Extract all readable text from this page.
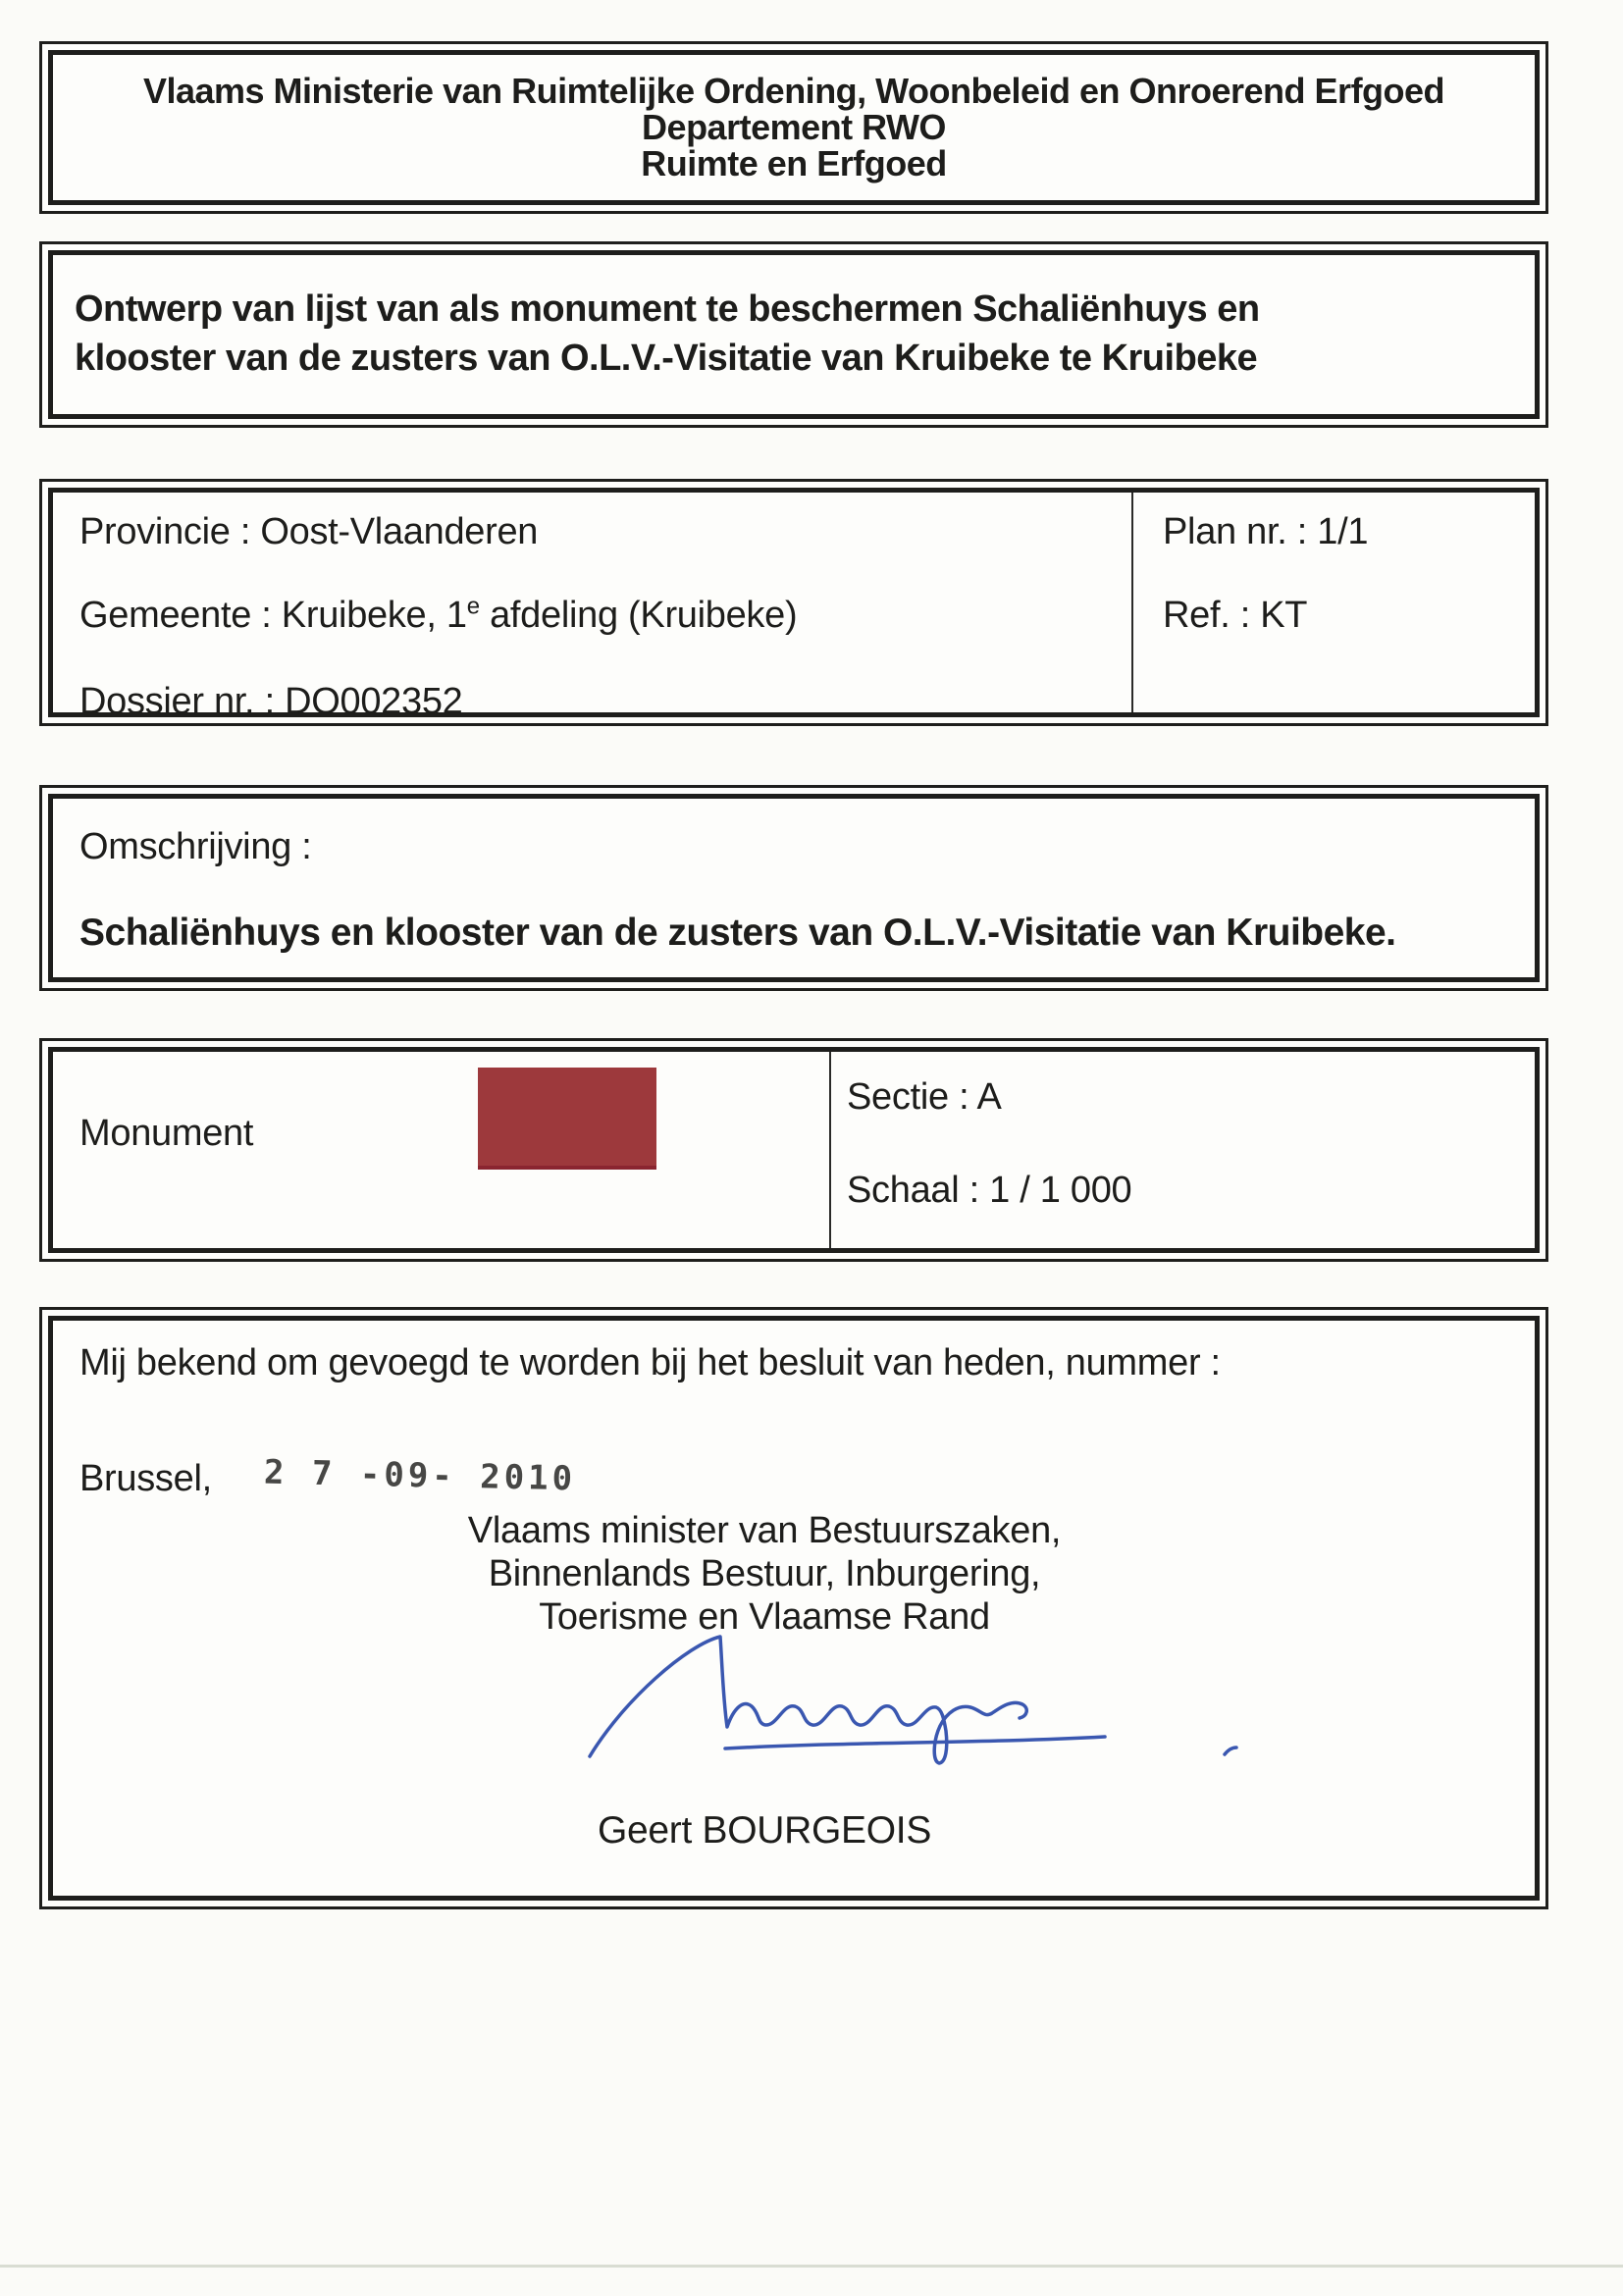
Vlaams Ministerie van Ruimtelijke Ordening, Woonbeleid en Onroerend Erfgoed
Departement RWO
Ruimte en Erfgoed
Ontwerp van lijst van als monument te beschermen Schaliënhuys en
klooster van de zusters van O.L.V.-Visitatie van Kruibeke te Kruibeke
Provincie : Oost-Vlaanderen
Gemeente : Kruibeke, 1e afdeling (Kruibeke)
Dossier nr. : DO002352
Plan nr. : 1/1
Ref. : KT
Omschrijving :
Schaliënhuys en klooster van de zusters van O.L.V.-Visitatie van Kruibeke.
Monument
Sectie : A
Schaal : 1 / 1 000
Mij bekend om gevoegd te worden bij het besluit van heden, nummer :
Brussel, 2 7 -09- 2010
Vlaams minister van Bestuurszaken,
Binnenlands Bestuur, Inburgering,
Toerisme en Vlaamse Rand
Geert BOURGEOIS
